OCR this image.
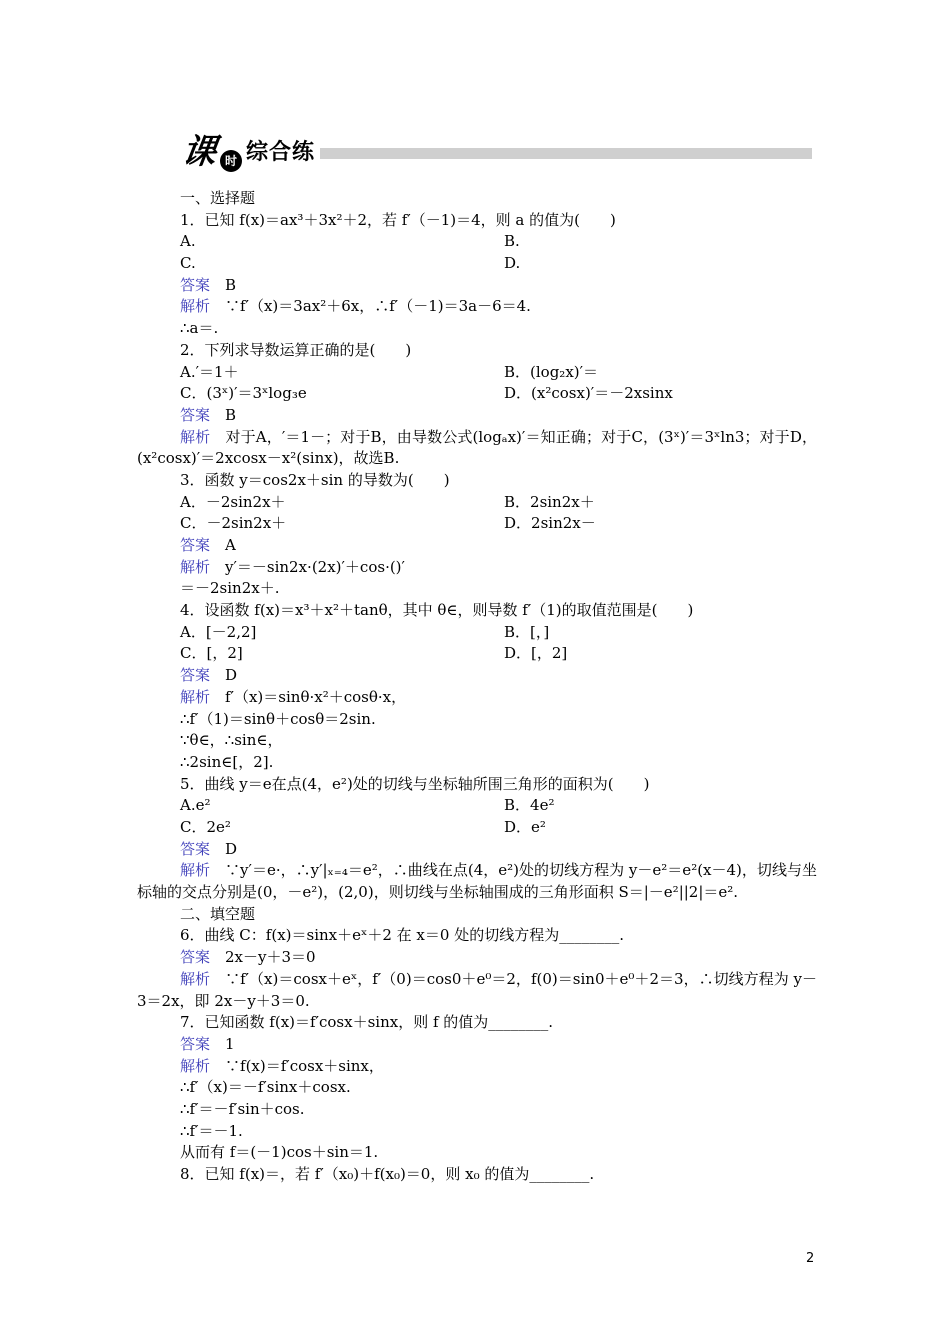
课 时 综合练
一、选择题
1．已知 f(x)＝ax³＋3x²＋2，若 f′（－1)＝4，则 a 的值为(　　)
A.	B.
C.	D.
答案　B
解析　∵f′（x)＝3ax²＋6x，∴f′（－1)＝3a－6＝4.
∴a＝.
2．下列求导数运算正确的是(　　)
A.′＝1＋	B．(log₂x)′＝
C．(3ˣ)′＝3ˣlog₃e	D．(x²cosx)′＝－2xsinx
答案　B
解析　对于A，′＝1－；对于B，由导数公式(logₐx)′＝知正确；对于C，(3ˣ)′＝3ˣln3；对于D，(x²cosx)′＝2xcosx－x²(sinx)，故选B.
3．函数 y＝cos2x＋sin 的导数为(　　)
A．－2sin2x＋	B．2sin2x＋
C．－2sin2x＋	D．2sin2x－
答案　A
解析　y′＝－sin2x·(2x)′＋cos·()′
＝－2sin2x＋.
4．设函数 f(x)＝x³＋x²＋tanθ，其中 θ∈，则导数 f′（1)的取值范围是(　　)
A．[－2,2]	B．[，]
C．[，2]	D．[，2]
答案　D
解析　f′（x)＝sinθ·x²＋cosθ·x，
∴f′（1)＝sinθ＋cosθ＝2sin.
∵θ∈，∴sin∈，
∴2sin∈[，2].
5．曲线 y＝e在点(4，e²)处的切线与坐标轴所围三角形的面积为(　　)
A.e²	B．4e²
C．2e²	D．e²
答案　D
解析　∵y′＝e·，∴y′|ₓ₌₄＝e²，∴曲线在点(4，e²)处的切线方程为 y－e²＝e²(x－4)，切线与坐标轴的交点分别是(0，－e²)，(2,0)，则切线与坐标轴围成的三角形面积 S＝|－e²||2|＝e².
二、填空题
6．曲线 C：f(x)＝sinx＋eˣ＋2 在 x＝0 处的切线方程为________.
答案　2x－y＋3＝0
解析　∵f′（x)＝cosx＋eˣ，f′（0)＝cos0＋e⁰＝2，f(0)＝sin0＋e⁰＋2＝3，∴切线方程为 y－3＝2x，即 2x－y＋3＝0.
7．已知函数 f(x)＝f′cosx＋sinx，则 f 的值为________.
答案　1
解析　∵f(x)＝f′cosx＋sinx，
∴f′（x)＝－f′sinx＋cosx.
∴f′＝－f′sin＋cos.
∴f′＝－1.
从而有 f＝(－1)cos＋sin＝1.
8．已知 f(x)＝，若 f′（x₀)＋f(x₀)＝0，则 x₀ 的值为________.
2
